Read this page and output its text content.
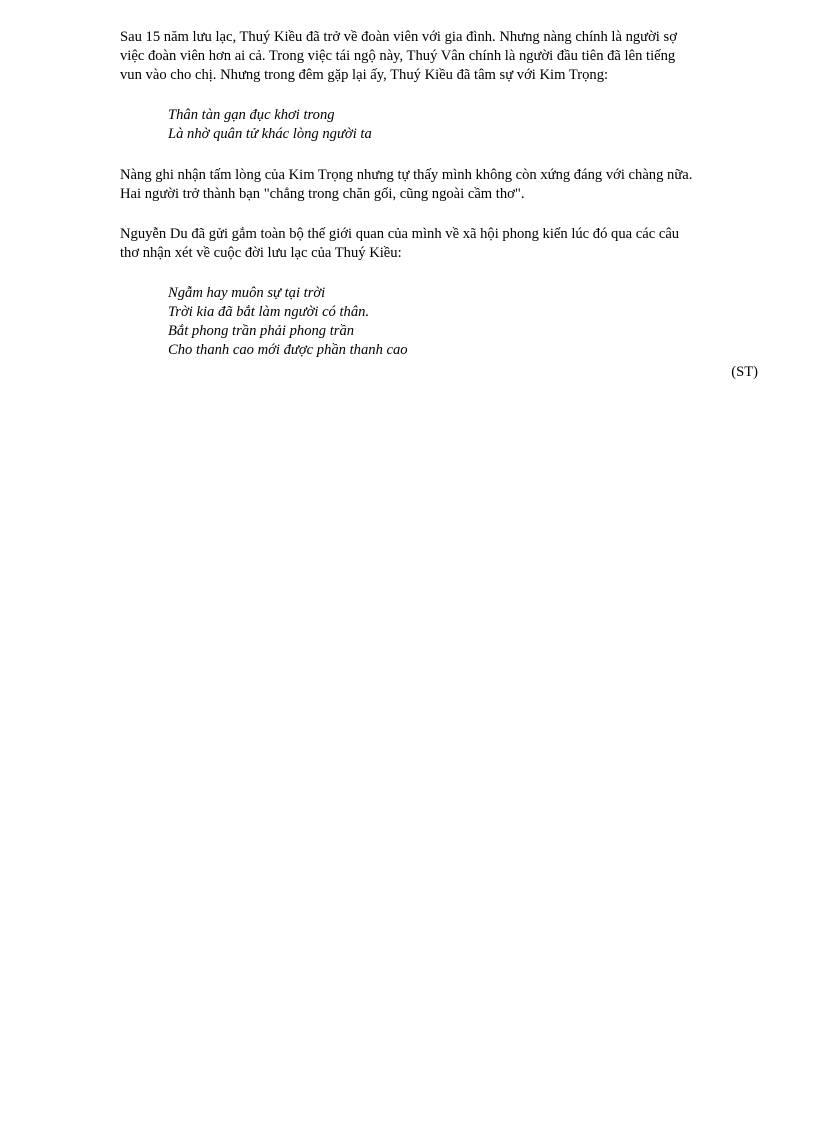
Sau 15 năm lưu lạc, Thuý Kiều đã trở về đoàn viên với gia đình. Nhưng nàng chính là người sợ
việc đoàn viên hơn ai cả. Trong việc tái ngộ này, Thuý Vân chính là người đầu tiên đã lên tiếng
vun vào cho chị. Nhưng trong đêm gặp lại ấy, Thuý Kiều đã tâm sự với Kim Trọng:

Thân tàn gạn đục khơi trong
Là nhờ quân tử khác lòng người ta

Nàng ghi nhận tấm lòng của Kim Trọng nhưng tự thấy mình không còn xứng đáng với chàng nữa.
Hai người trở thành bạn "chẳng trong chăn gối, cũng ngoài cầm thơ".

Nguyễn Du đã gửi gắm toàn bộ thế giới quan của mình về xã hội phong kiến lúc đó qua các câu
thơ nhận xét về cuộc đời lưu lạc của Thuý Kiều:

Ngẫm hay muôn sự tại trời
Trời kia đã bắt làm người có thân.
Bắt phong trần phải phong trần
Cho thanh cao mới được phần thanh cao

(ST)
